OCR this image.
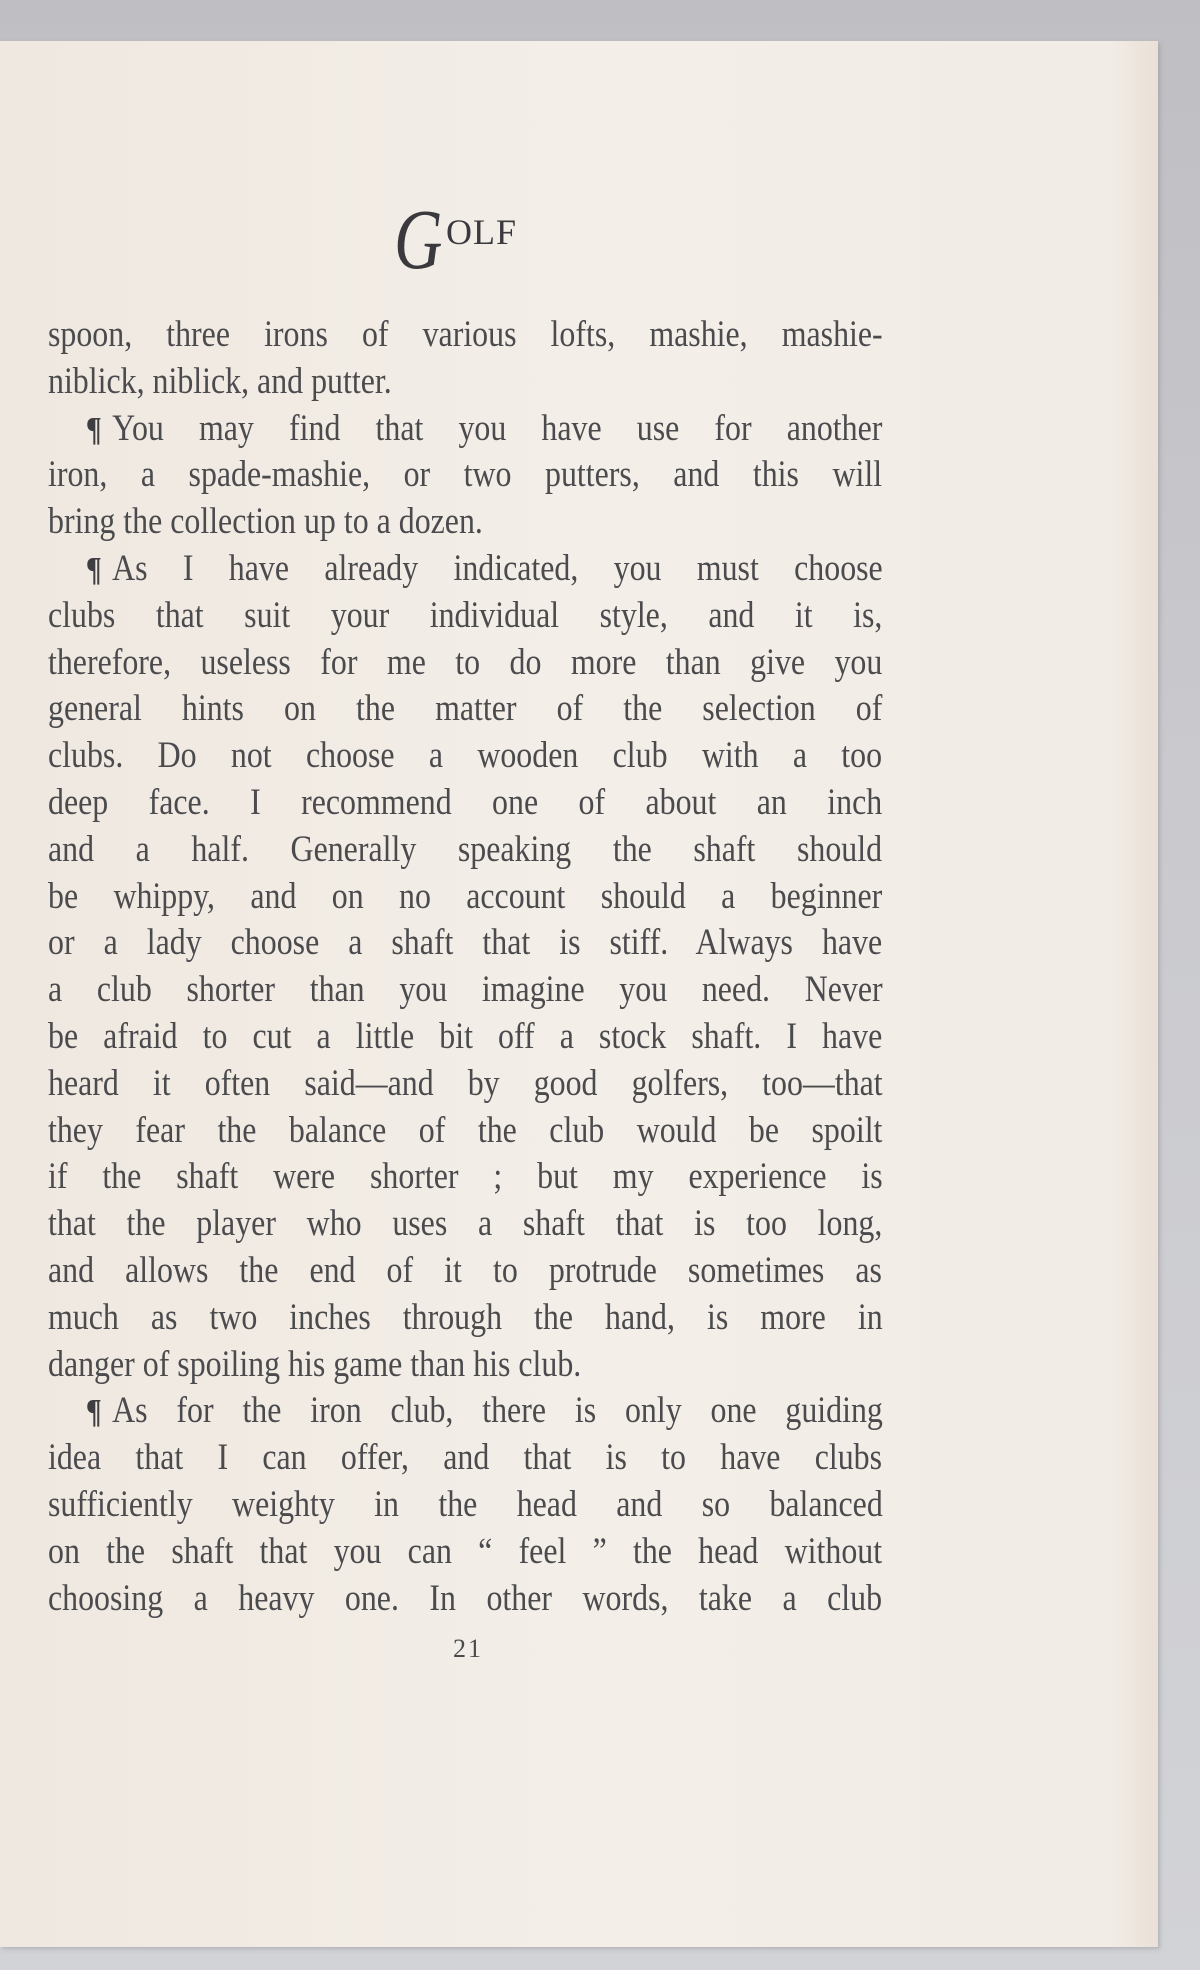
G OLF
spoon, three irons of various lofts, mashie, mashie-
niblick, niblick, and putter.
¶ You may find that you have use for another
iron, a spade-mashie, or two putters, and this will
bring the collection up to a dozen.
¶ As I have already indicated, you must choose
clubs that suit your individual style, and it is,
therefore, useless for me to do more than give you
general hints on the matter of the selection of
clubs. Do not choose a wooden club with a too
deep face. I recommend one of about an inch
and a half. Generally speaking the shaft should
be whippy, and on no account should a beginner
or a lady choose a shaft that is stiff. Always have
a club shorter than you imagine you need. Never
be afraid to cut a little bit off a stock shaft. I have
heard it often said—and by good golfers, too—that
they fear the balance of the club would be spoilt
if the shaft were shorter ; but my experience is
that the player who uses a shaft that is too long,
and allows the end of it to protrude sometimes as
much as two inches through the hand, is more in
danger of spoiling his game than his club.
¶ As for the iron club, there is only one guiding
idea that I can offer, and that is to have clubs
sufficiently weighty in the head and so balanced
on the shaft that you can “ feel ” the head without
choosing a heavy one. In other words, take a club
21
